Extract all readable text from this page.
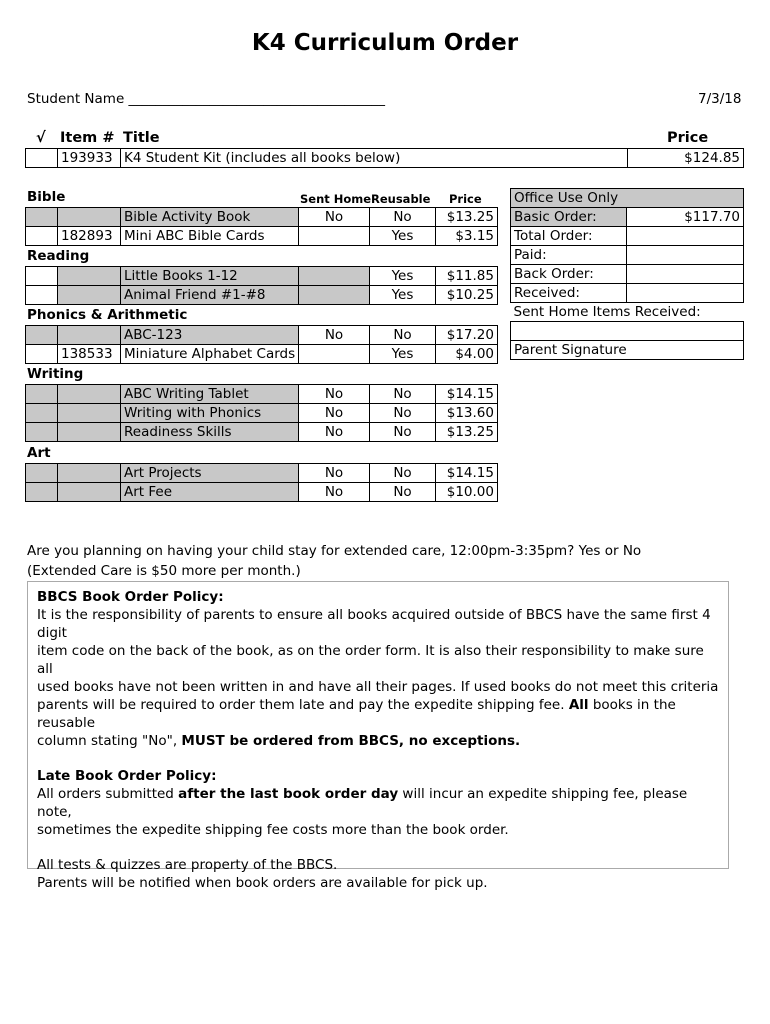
K4 Curriculum Order
Student Name ______________________________________	7/3/18
√ Item # Title	Price
	193933	K4 Student Kit (includes all books below)	$124.85
Sent Home Reusable Price
Bible
Reading
Phonics & Arithmetic
Writing
Art
		Bible Activity Book	No	No	$13.25
	182893	Mini ABC Bible Cards		Yes	$3.15
		Little Books 1-12		Yes	$11.85
		Animal Friend #1-#8		Yes	$10.25
		ABC-123	No	No	$17.20
	138533	Miniature Alphabet Cards		Yes	$4.00
		ABC Writing Tablet	No	No	$14.15
		Writing with Phonics	No	No	$13.60
		Readiness Skills	No	No	$13.25
		Art Projects	No	No	$14.15
		Art Fee	No	No	$10.00
Office Use Only	
Basic Order:	$117.70
Total Order:	
Paid:	
Back Order:	
Received:	
Sent Home Items Received:	

Parent Signature	
Are you planning on having your child stay for extended care, 12:00pm-3:35pm? Yes or No
(Extended Care is $50 more per month.)

BBCS Book Order Policy:

It is the responsibility of parents to ensure all books acquired outside of BBCS have the same first 4 digit

item code on the back of the book, as on the order form. It is also their responsibility to make sure all

used books have not been written in and have all their pages. If used books do not meet this criteria

parents will be required to order them late and pay the expedite shipping fee. All books in the reusable

column stating "No", MUST be ordered from BBCS, no exceptions.

Late Book Order Policy:

All orders submitted after the last book order day will incur an expedite shipping fee, please note,

sometimes the expedite shipping fee costs more than the book order.

All tests & quizzes are property of the BBCS.

Parents will be notified when book orders are available for pick up.
